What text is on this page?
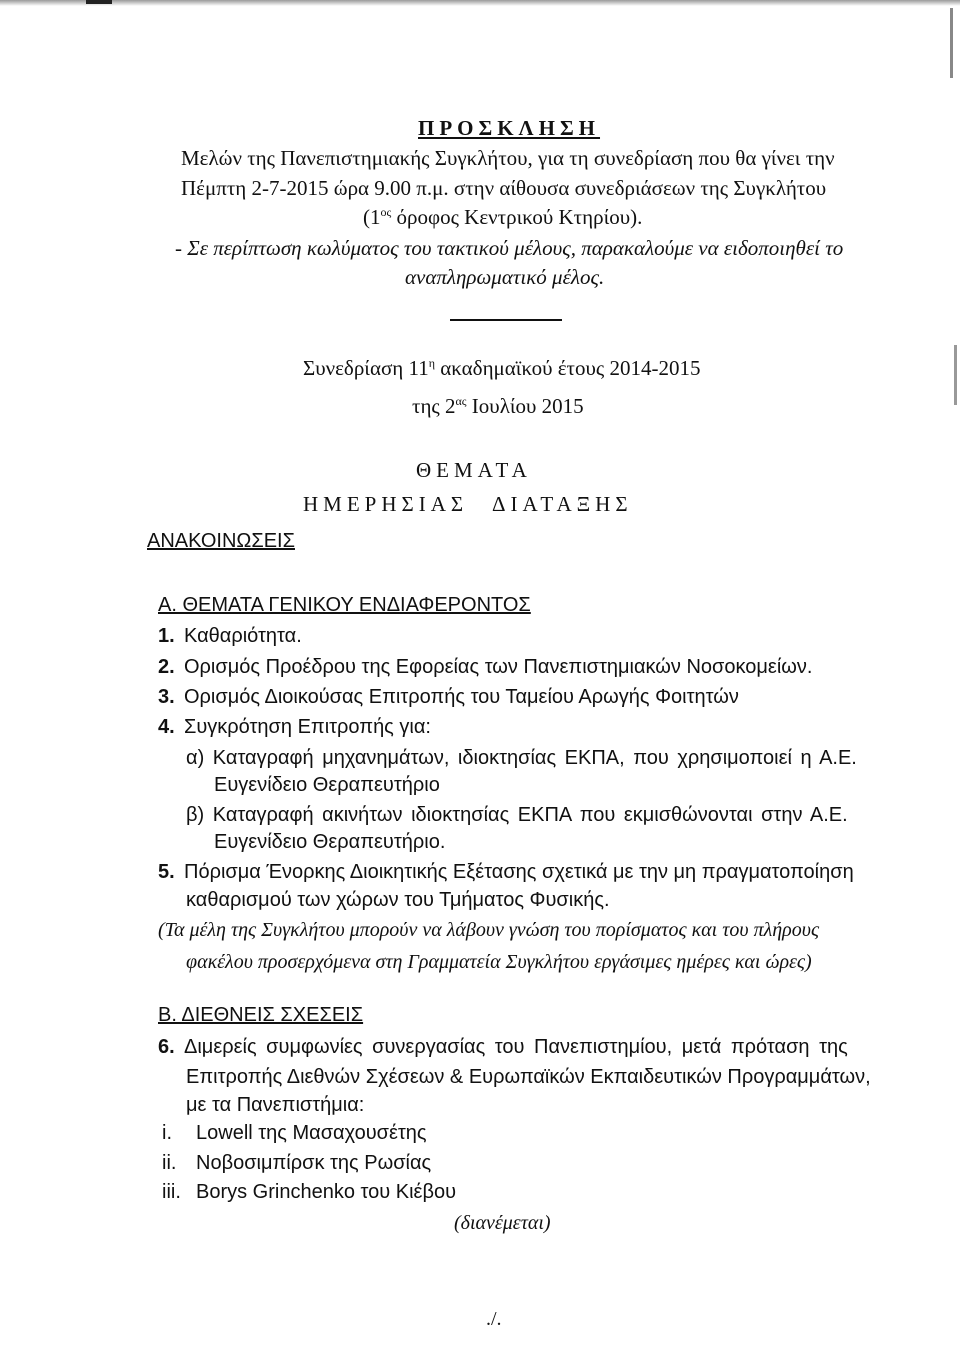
ΠΡΟΣΚΛΗΣΗ
Μελών της Πανεπιστημιακής Συγκλήτου, για τη συνεδρίαση που θα γίνει την
Πέμπτη 2-7-2015 ώρα 9.00 π.μ. στην αίθουσα συνεδριάσεων της Συγκλήτου
($1^{o\varsigma}$ όροφος Κεντρικού Κτηρίου).
- Σε περίπτωση κωλύματος του τακτικού μέλους, παρακαλούμε να ειδοποιηθεί το
αναπληρωματικό μέλος.
Συνεδρίαση $11^\eta$ ακαδημαϊκού έτους 2014-2015
της $2^{\alpha\varsigma}$ Ιουλίου 2015
ΘΕΜΑΤΑ
ΗΜΕΡΗΣΙΑΣ ΔΙΑΤΑΞΗΣ
ΑΝΑΚΟΙΝΩΣΕΙΣ
Α. ΘΕΜΑΤΑ ΓΕΝΙΚΟΥ ΕΝΔΙΑΦΕΡΟΝΤΟΣ
1. Καθαριότητα.
2. Ορισμός Προέδρου της Εφορείας των Πανεπιστημιακών Νοσοκομείων.
3. Ορισμός Διοικούσας Επιτροπής του Ταμείου Αρωγής Φοιτητών
4. Συγκρότηση Επιτροπής για:
α) Καταγραφή μηχανημάτων, ιδιοκτησίας ΕΚΠΑ, που χρησιμοποιεί η Α.Ε.
Ευγενίδειο Θεραπευτήριο
β) Καταγραφή ακινήτων ιδιοκτησίας ΕΚΠΑ που εκμισθώνονται στην Α.Ε.
Ευγενίδειο Θεραπευτήριο.
5. Πόρισμα Ένορκης Διοικητικής Εξέτασης σχετικά με την μη πραγματοποίηση
καθαρισμού των χώρων του Τμήματος Φυσικής.
(Τα μέλη της Συγκλήτου μπορούν να λάβουν γνώση του πορίσματος και του πλήρους
φακέλου προσερχόμενα στη Γραμματεία Συγκλήτου εργάσιμες ημέρες και ώρες)
Β. ΔΙΕΘΝΕΙΣ ΣΧΕΣΕΙΣ
6. Διμερείς συμφωνίες συνεργασίας του Πανεπιστημίου, μετά πρόταση της
Επιτροπής Διεθνών Σχέσεων & Ευρωπαϊκών Εκπαιδευτικών Προγραμμάτων,
με τα Πανεπιστήμια:
i. Lowell της Μασαχουσέτης
ii. Νοβοσιμπίρσκ της Ρωσίας
iii. Borys Grinchenko του Κιέβου
(διανέμεται)
./.
